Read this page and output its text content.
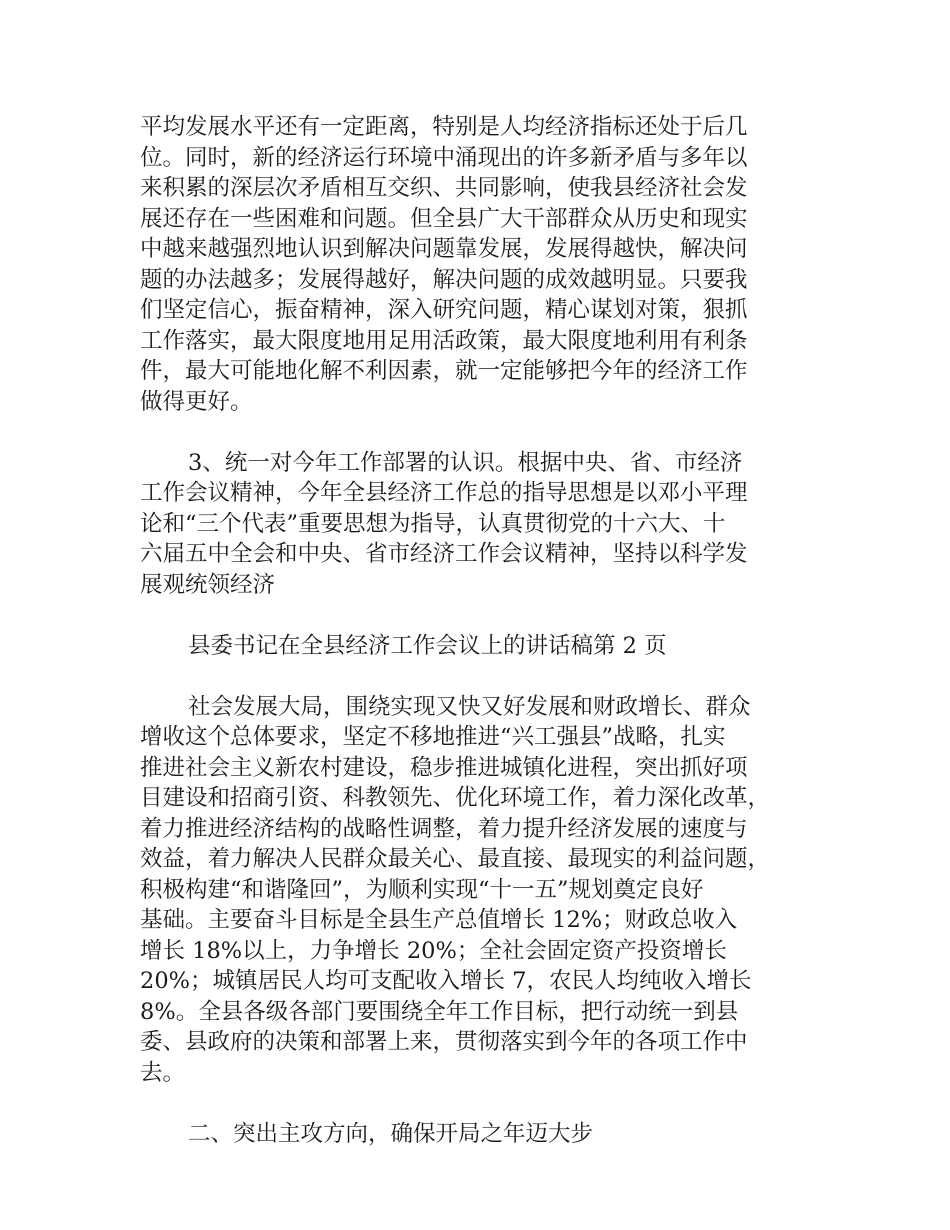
平均发展水平还有一定距离，特别是人均经济指标还处于后几
位。同时，新的经济运行环境中涌现出的许多新矛盾与多年以
来积累的深层次矛盾相互交织、共同影响，使我县经济社会发
展还存在一些困难和问题。但全县广大干部群众从历史和现实
中越来越强烈地认识到解决问题靠发展，发展得越快，解决问
题的办法越多；发展得越好，解决问题的成效越明显。只要我
们坚定信心，振奋精神，深入研究问题，精心谋划对策，狠抓
工作落实，最大限度地用足用活政策，最大限度地利用有利条
件，最大可能地化解不利因素，就一定能够把今年的经济工作
做得更好。
3、统一对今年工作部署的认识。根据中央、省、市经济
工作会议精神，今年全县经济工作总的指导思想是以邓小平理
论和“三个代表”重要思想为指导，认真贯彻党的十六大、十
六届五中全会和中央、省市经济工作会议精神，坚持以科学发
展观统领经济
县委书记在全县经济工作会议上的讲话稿第 2 页
社会发展大局，围绕实现又快又好发展和财政增长、群众
增收这个总体要求，坚定不移地推进“兴工强县”战略，扎实
推进社会主义新农村建设，稳步推进城镇化进程，突出抓好项
目建设和招商引资、科教领先、优化环境工作，着力深化改革，
着力推进经济结构的战略性调整，着力提升经济发展的速度与
效益，着力解决人民群众最关心、最直接、最现实的利益问题，
积极构建“和谐隆回”，为顺利实现“十一五”规划奠定良好
基础。主要奋斗目标是全县生产总值增长 12%；财政总收入
增长 18%以上，力争增长 20%；全社会固定资产投资增长
20%；城镇居民人均可支配收入增长 7，农民人均纯收入增长
8%。全县各级各部门要围绕全年工作目标，把行动统一到县
委、县政府的决策和部署上来，贯彻落实到今年的各项工作中
去。
二、突出主攻方向，确保开局之年迈大步
